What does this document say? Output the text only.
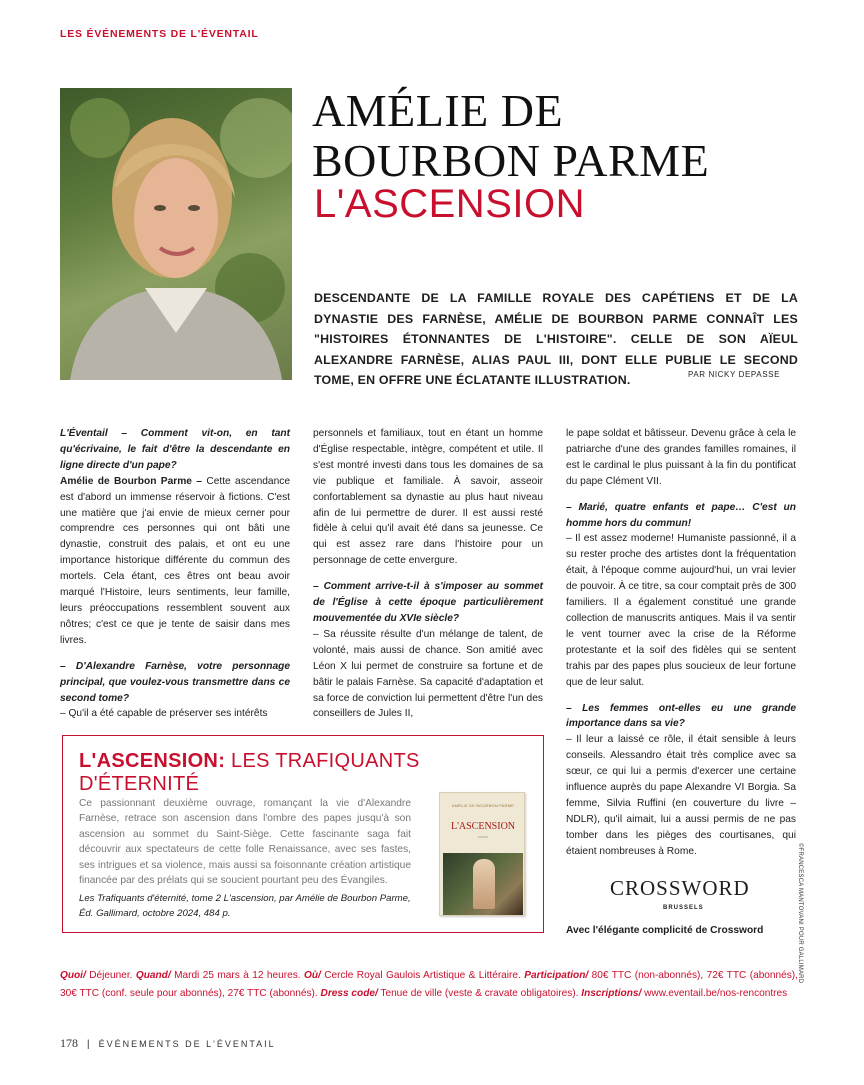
LES ÉVÉNEMENTS DE L'ÉVENTAIL
AMÉLIE DE
BOURBON PARME
L'ASCENSION
DESCENDANTE DE LA FAMILLE ROYALE DES CAPÉTIENS ET DE LA DYNASTIE DES FARNÈSE, AMÉLIE DE BOURBON PARME CONNAÎT LES "HISTOIRES ÉTONNANTES DE L'HISTOIRE". CELLE DE SON AÏEUL ALEXANDRE FARNÈSE, ALIAS PAUL III, DONT ELLE PUBLIE LE SECOND TOME, EN OFFRE UNE ÉCLATANTE ILLUSTRATION.	PAR NICKY DEPASSE

L'Éventail – Comment vit-on, en tant qu'écrivaine, le fait d'être la descendante en ligne directe d'un pape?

Amélie de Bourbon Parme – Cette ascendance est d'abord un immense réservoir à fictions. C'est une matière que j'ai envie de mieux cerner pour comprendre ces personnes qui ont bâti une dynastie, construit des palais, et ont eu une importance historique différente du commun des mortels. Cela étant, ces êtres ont beau avoir marqué l'Histoire, leurs sentiments, leur famille, leurs préoccupations ressemblent souvent aux nôtres; c'est ce que je tente de saisir dans mes livres.

– D'Alexandre Farnèse, votre personnage principal, que voulez-vous transmettre dans ce second tome?

– Qu'il a été capable de préserver ses intérêts

personnels et familiaux, tout en étant un homme d'Église respectable, intègre, compétent et utile. Il s'est montré investi dans tous les domaines de sa vie publique et familiale. À savoir, asseoir confortablement sa dynastie au plus haut niveau afin de lui permettre de durer. Il est aussi resté fidèle à celui qu'il avait été dans sa jeunesse. Ce qui est assez rare dans l'histoire pour un personnage de cette envergure.

– Comment arrive-t-il à s'imposer au sommet de l'Église à cette époque particulièrement mouvementée du XVIe siècle?

– Sa réussite résulte d'un mélange de talent, de volonté, mais aussi de chance. Son amitié avec Léon X lui permet de construire sa fortune et de bâtir le palais Farnèse. Sa capacité d'adaptation et sa force de conviction lui permettent d'être l'un des conseillers de Jules II,

le pape soldat et bâtisseur. Devenu grâce à cela le patriarche d'une des grandes familles romaines, il est le cardinal le plus puissant à la fin du pontificat du pape Clément VII.

– Marié, quatre enfants et pape… C'est un homme hors du commun!

– Il est assez moderne! Humaniste passionné, il a su rester proche des artistes dont la fréquentation était, à l'époque comme aujourd'hui, un vrai levier de pouvoir. À ce titre, sa cour comptait près de 300 familiers. Il a également constitué une grande collection de manuscrits antiques. Mais il va sentir le vent tourner avec la crise de la Réforme protestante et la soif des fidèles qui se sentent trahis par des papes plus soucieux de leur fortune que de leur salut.

– Les femmes ont-elles eu une grande importance dans sa vie?

– Il leur a laissé ce rôle, il était sensible à leurs conseils. Alessandro était très complice avec sa sœur, ce qui lui a permis d'exercer une certaine influence auprès du pape Alexandre VI Borgia. Sa femme, Silvia Ruffini (en couverture du livre – NDLR), qu'il aimait, lui a aussi permis de ne pas tomber dans les pièges des courtisanes, qui étaient nombreuses à Rome.

L'ASCENSION: LES TRAFIQUANTS D'ÉTERNITÉ
Ce passionnant deuxième ouvrage, romançant la vie d'Alexandre Farnèse, retrace son ascension dans l'ombre des papes jusqu'à son ascension au sommet du Saint-Siège. Cette fascinante saga fait découvrir aux spectateurs de cette folle Renaissance, avec ses fastes, ses intrigues et sa violence, mais aussi sa foisonnante création artistique financée par des prélats qui se soucient pourtant peu des Évangiles.
Les Trafiquants d'éternité, tome 2 L'ascension, par Amélie de Bourbon Parme, Éd. Gallimard, octobre 2024, 484 p.
AMÉLIE DE BOURBON PARME
L'ASCENSION
roman
CROSSWORD
BRUSSELS
Avec l'élégante complicité de Crossword
Quoi/ Déjeuner. Quand/ Mardi 25 mars à 12 heures. Où/ Cercle Royal Gaulois Artistique & Littéraire. Participation/ 80€ TTC (non-abonnés), 72€ TTC (abonnés), 30€ TTC (conf. seule pour abonnés), 27€ TTC (abonnés). Dress code/ Tenue de ville (veste & cravate obligatoires). Inscriptions/ www.eventail.be/nos-rencontres
©FRANCESCA MANTOVANI POUR GALLIMARD
178 | ÉVÉNEMENTS DE L'ÉVENTAIL
